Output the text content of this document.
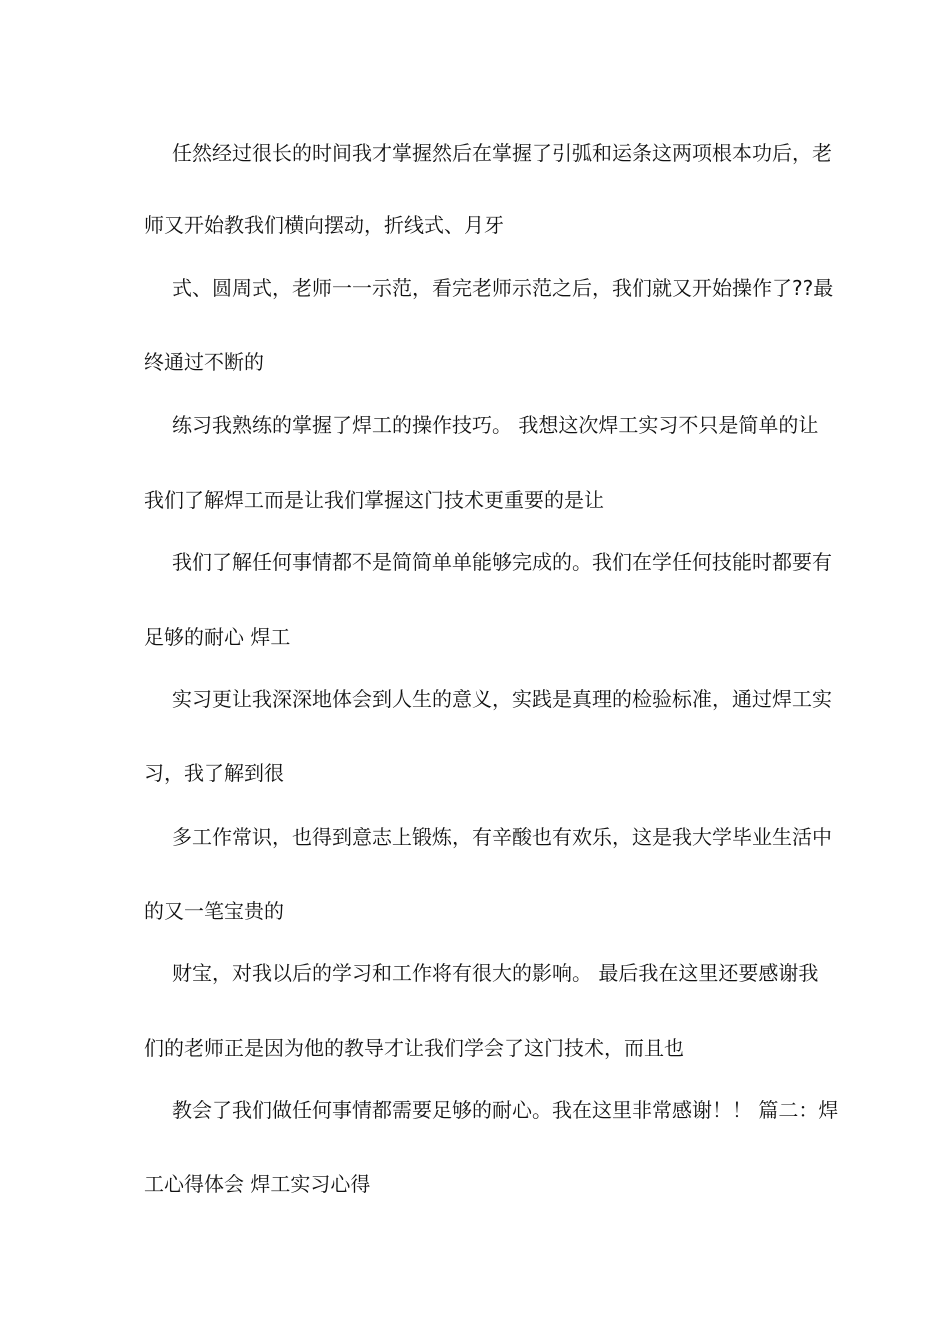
任然经过很长的时间我才掌握然后在掌握了引弧和运条这两项根本功后，老
师又开始教我们横向摆动，折线式、月牙
式、圆周式，老师一一示范，看完老师示范之后，我们就又开始操作了??最
终通过不断的
练习我熟练的掌握了焊工的操作技巧。 我想这次焊工实习不只是简单的让
我们了解焊工而是让我们掌握这门技术更重要的是让
我们了解任何事情都不是简简单单能够完成的。我们在学任何技能时都要有
足够的耐心 焊工
实习更让我深深地体会到人生的意义，实践是真理的检验标准，通过焊工实
习，我了解到很
多工作常识，也得到意志上锻炼，有辛酸也有欢乐，这是我大学毕业生活中
的又一笔宝贵的
财宝，对我以后的学习和工作将有很大的影响。 最后我在这里还要感谢我
们的老师正是因为他的教导才让我们学会了这门技术，而且也
教会了我们做任何事情都需要足够的耐心。我在这里非常感谢！！ 篇二：焊
工心得体会 焊工实习心得
